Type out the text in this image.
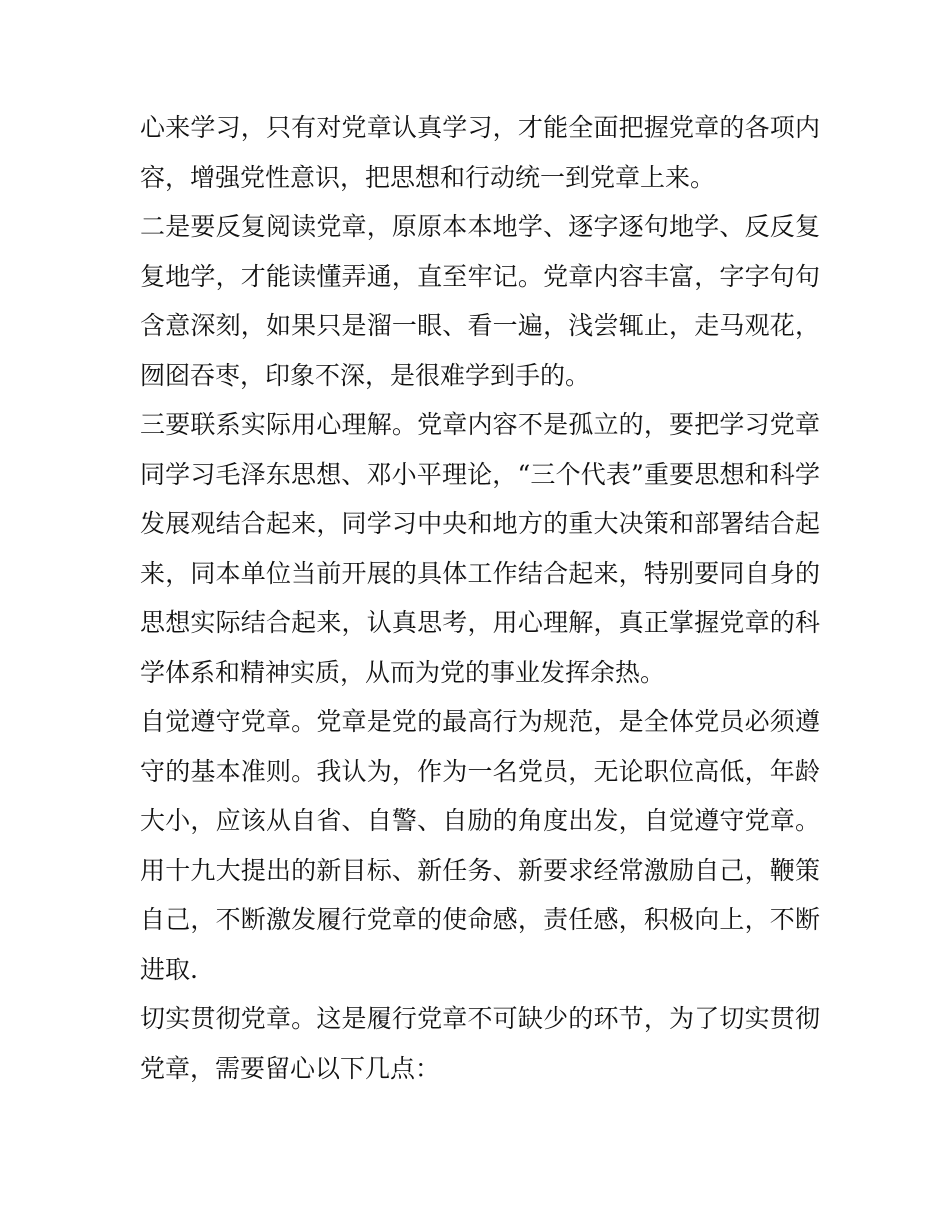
心来学习，只有对党章认真学习，才能全面把握党章的各项内
容，增强党性意识，把思想和行动统一到党章上来。

二是要反复阅读党章，原原本本地学、逐字逐句地学、反反复
复地学，才能读懂弄通，直至牢记。党章内容丰富，字字句句
含意深刻，如果只是溜一眼、看一遍，浅尝辄止，走马观花，
囫囵吞枣，印象不深，是很难学到手的。

三要联系实际用心理解。党章内容不是孤立的，要把学习党章
同学习毛泽东思想、邓小平理论，“三个代表”重要思想和科学
发展观结合起来，同学习中央和地方的重大决策和部署结合起
来，同本单位当前开展的具体工作结合起来，特别要同自身的
思想实际结合起来，认真思考，用心理解，真正掌握党章的科
学体系和精神实质，从而为党的事业发挥余热。

自觉遵守党章。党章是党的最高行为规范，是全体党员必须遵
守的基本准则。我认为，作为一名党员，无论职位高低，年龄
大小，应该从自省、自警、自励的角度出发，自觉遵守党章。
用十九大提出的新目标、新任务、新要求经常激励自己，鞭策
自己，不断激发履行党章的使命感，责任感，积极向上，不断
进取.

切实贯彻党章。这是履行党章不可缺少的环节，为了切实贯彻
党章，需要留心以下几点：
